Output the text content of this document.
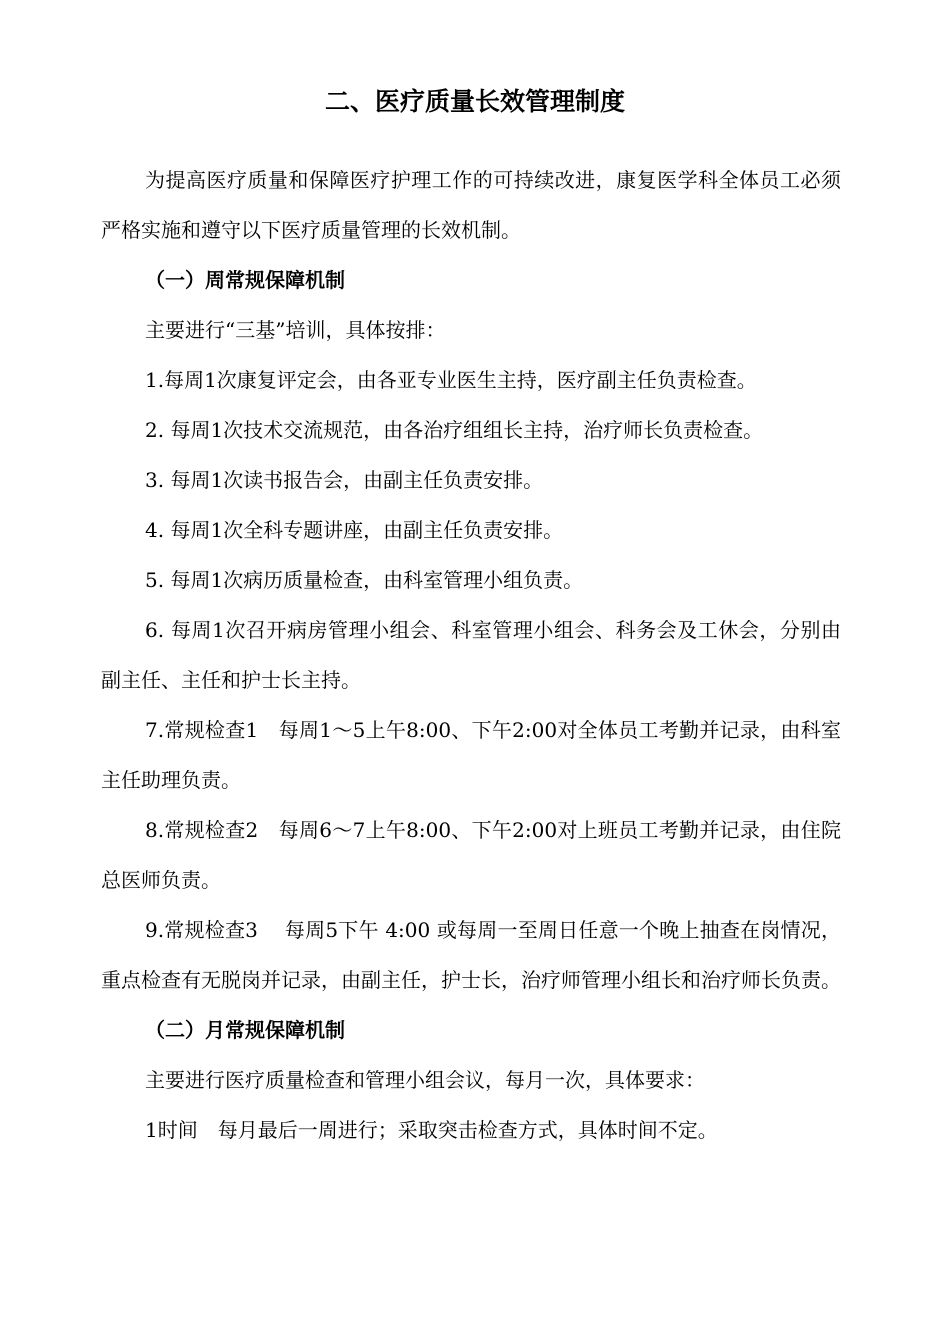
二、医疗质量长效管理制度

为提高医疗质量和保障医疗护理工作的可持续改进，康复医学科全体员工必须严格实施和遵守以下医疗质量管理的长效机制。

（一）周常规保障机制

主要进行“三基”培训，具体按排：

1.每周1次康复评定会，由各亚专业医生主持，医疗副主任负责检查。

2. 每周1次技术交流规范，由各治疗组组长主持，治疗师长负责检查。

3. 每周1次读书报告会，由副主任负责安排。

4. 每周1次全科专题讲座，由副主任负责安排。

5. 每周1次病历质量检查，由科室管理小组负责。

6. 每周1次召开病房管理小组会、科室管理小组会、科务会及工休会，分别由副主任、主任和护士长主持。

7.常规检查1　每周1～5上午8:00、下午2:00对全体员工考勤并记录，由科室主任助理负责。

8.常规检查2　每周6～7上午8:00、下午2:00对上班员工考勤并记录，由住院总医师负责。

9.常规检查3　 每周5下午 4:00 或每周一至周日任意一个晚上抽查在岗情况，重点检查有无脱岗并记录，由副主任，护士长，治疗师管理小组长和治疗师长负责。

（二）月常规保障机制

主要进行医疗质量检查和管理小组会议，每月一次，具体要求：

1时间　每月最后一周进行；采取突击检查方式，具体时间不定。
